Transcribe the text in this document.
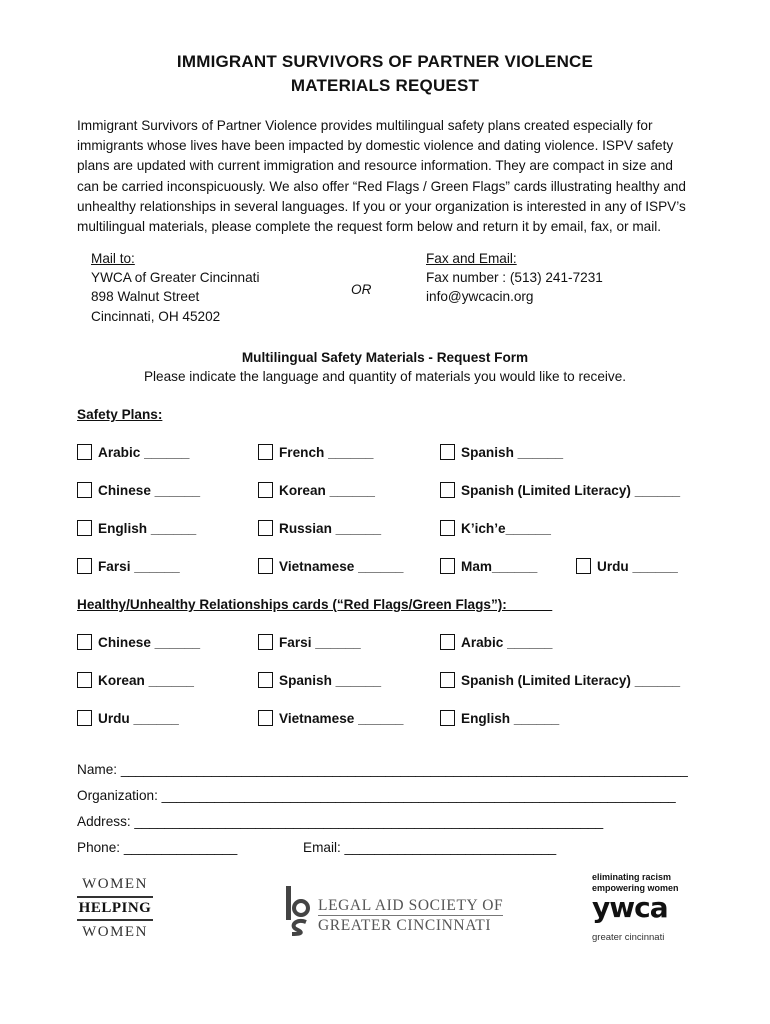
IMMIGRANT SURVIVORS OF PARTNER VIOLENCE
MATERIALS REQUEST
Immigrant Survivors of Partner Violence provides multilingual safety plans created especially for immigrants whose lives have been impacted by domestic violence and dating violence. ISPV safety plans are updated with current immigration and resource information. They are compact in size and can be carried inconspicuously. We also offer “Red Flags / Green Flags” cards illustrating healthy and unhealthy relationships in several languages. If you or your organization is interested in any of ISPV’s multilingual materials, please complete the request form below and return it by email, fax, or mail.
Mail to:
YWCA of Greater Cincinnati
898 Walnut Street
Cincinnati, OH 45202
OR
Fax and Email:
Fax number : (513) 241-7231
info@ywcacin.org
Multilingual Safety Materials - Request Form
Please indicate the language and quantity of materials you would like to receive.
Safety Plans:
Arabic ______	French ______	Spanish ______
Chinese ______	Korean ______	Spanish (Limited Literacy) ______
English ______	Russian ______	K’ich’e______
Farsi ______	Vietnamese ______	Mam______	Urdu ______
Healthy/Unhealthy Relationships cards (“Red Flags/Green Flags”):______
Chinese ______	Farsi ______	Arabic ______
Korean ______	Spanish ______	Spanish (Limited Literacy) ______
Urdu ______	Vietnamese ______	English ______
Name: ___________________________________________________________________________
Organization: ____________________________________________________________________
Address: ______________________________________________________________
Phone: _______________	Email: ____________________________
WOMEN
HELPING
WOMEN
LEGAL AID SOCIETY OF
GREATER CINCINNATI
eliminating racism
empowering women
ywca
greater cincinnati
